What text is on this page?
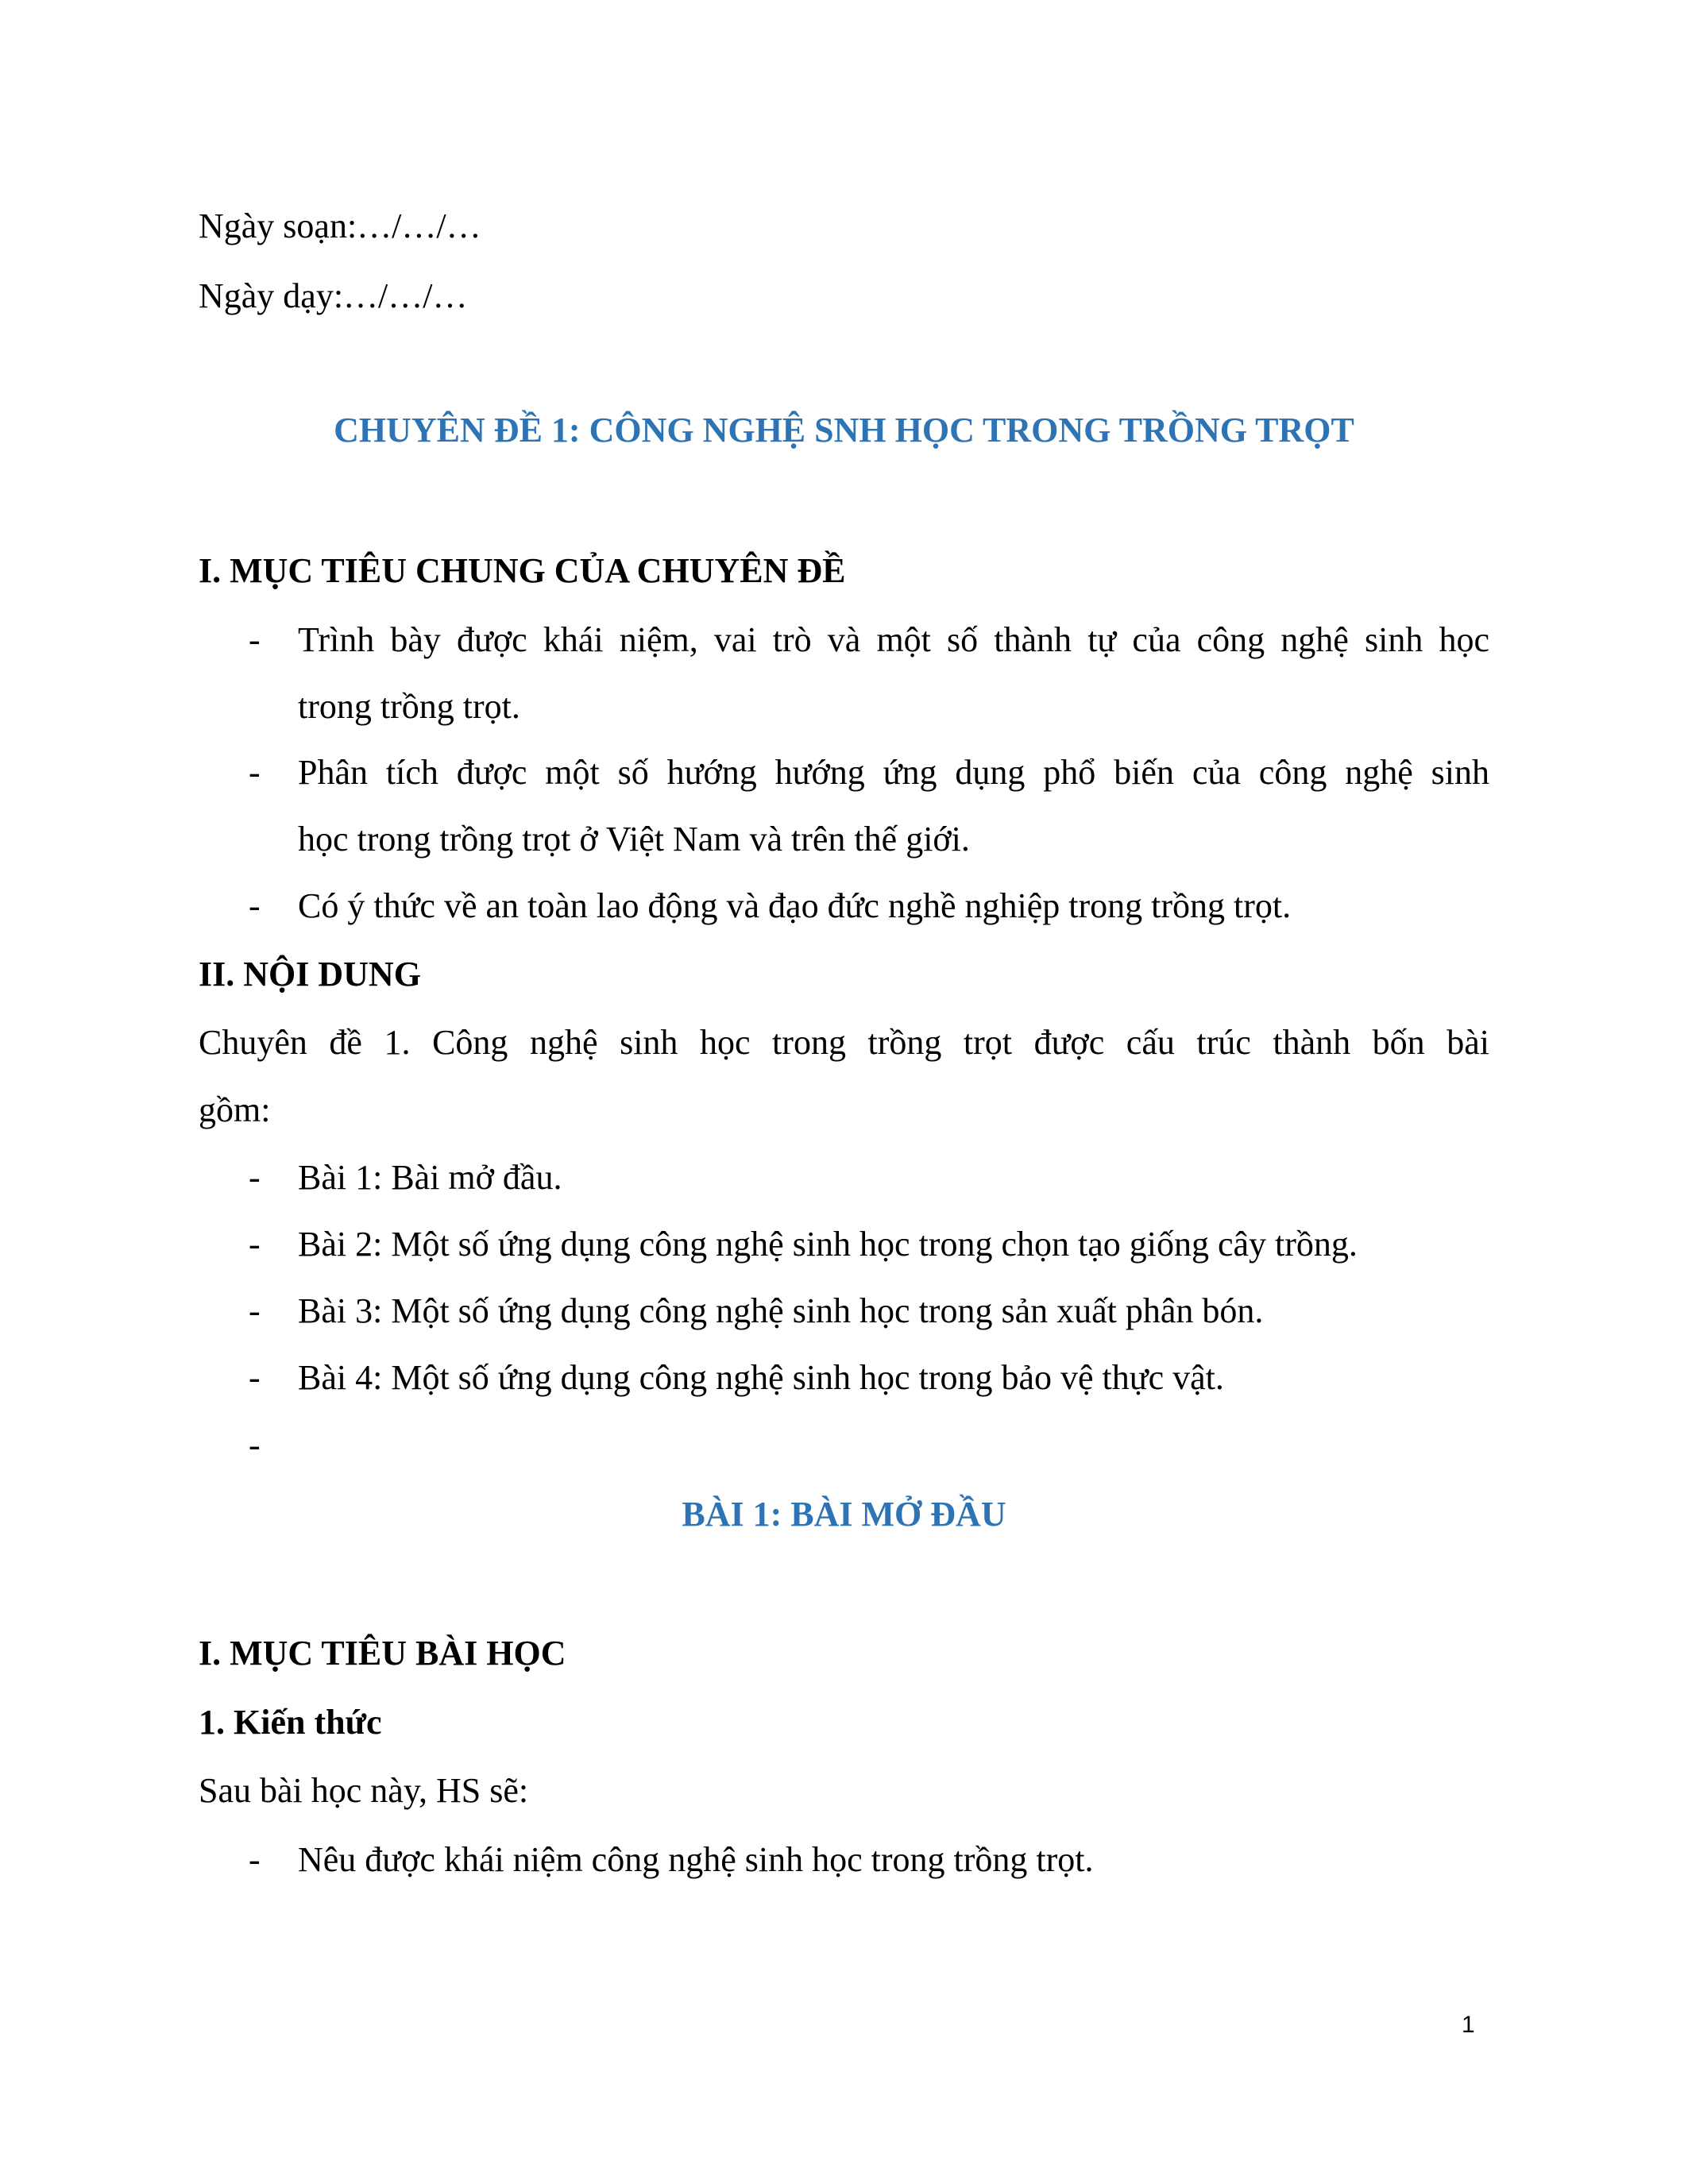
Ngày soạn:…/…/…
Ngày dạy:…/…/…
CHUYÊN ĐỀ 1: CÔNG NGHỆ SNH HỌC TRONG TRỒNG TRỌT
I. MỤC TIÊU CHUNG CỦA CHUYÊN ĐỀ
- Trình bày được khái niệm, vai trò và một số thành tự của công nghệ sinh học
trong trồng trọt.
- Phân tích được một số hướng hướng ứng dụng phổ biến của công nghệ sinh
học trong trồng trọt ở Việt Nam và trên thế giới.
- Có ý thức về an toàn lao động và đạo đức nghề nghiệp trong trồng trọt.
II. NỘI DUNG
Chuyên đề 1. Công nghệ sinh học trong trồng trọt được cấu trúc thành bốn bài
gồm:
- Bài 1: Bài mở đầu.
- Bài 2: Một số ứng dụng công nghệ sinh học trong chọn tạo giống cây trồng.
- Bài 3: Một số ứng dụng công nghệ sinh học trong sản xuất phân bón.
- Bài 4: Một số ứng dụng công nghệ sinh học trong bảo vệ thực vật.
-
BÀI 1: BÀI MỞ ĐẦU
I. MỤC TIÊU BÀI HỌC
1. Kiến thức
Sau bài học này, HS sẽ:
- Nêu được khái niệm công nghệ sinh học trong trồng trọt.
1
